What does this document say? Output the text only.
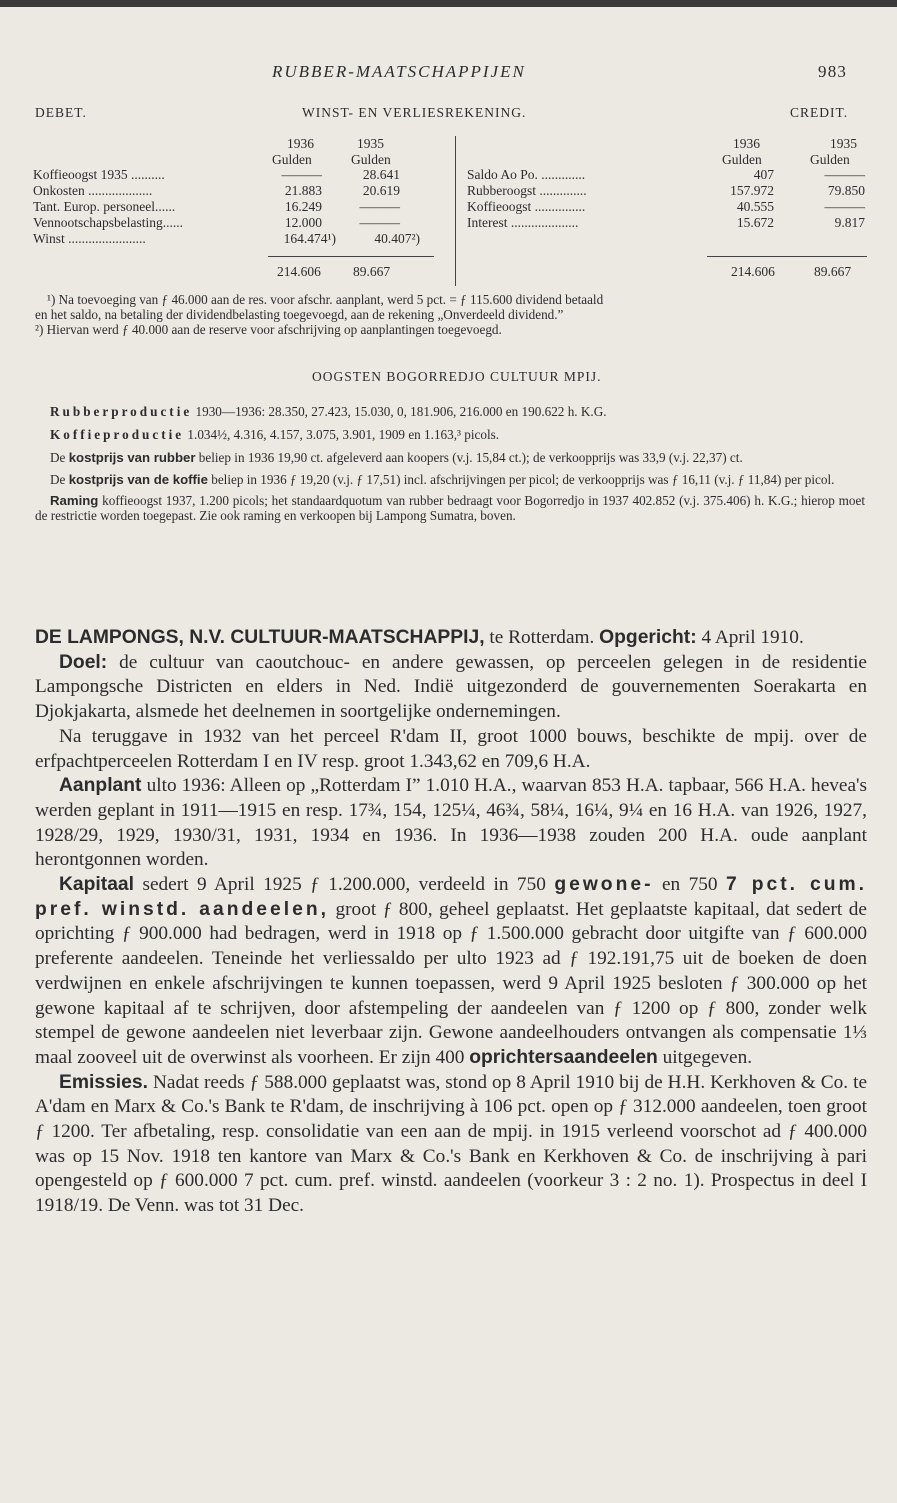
RUBBER-MAATSCHAPPIJEN	983
DEBET.	WINST- EN VERLIESREKENING.	CREDIT.
1936	1935
Gulden	Gulden
1936	1935
Gulden	Gulden
Koffieoogst 1935 ..........	———	28.641
Onkosten ...................	21.883	20.619
Tant. Europ. personeel......	16.249	———
Vennootschapsbelasting......	12.000	———
Winst .......................	164.474¹)	40.407²)
214.606 89.667
Saldo Ao Po. .............	407	———
Rubberoogst ..............	157.972	79.850
Koffieoogst ...............	40.555	———
Interest ....................	15.672	9.817
214.606	89.667

¹) Na toevoeging van ƒ 46.000 aan de res. voor afschr. aanplant, werd 5 pct. = ƒ 115.600 dividend betaald

en het saldo, na betaling der dividendbelasting toegevoegd, aan de rekening „Onverdeeld dividend.”

²) Hiervan werd ƒ 40.000 aan de reserve voor afschrijving op aanplantingen toegevoegd.

OOGSTEN BOGORREDJO CULTUUR MPIJ.

Rubberproductie 1930—1936: 28.350, 27.423, 15.030, 0, 181.906, 216.000 en 190.622 h. K.G.

Koffieproductie 1.034½, 4.316, 4.157, 3.075, 3.901, 1909 en 1.163,³ picols.

De kostprijs van rubber beliep in 1936 19,90 ct. afgeleverd aan koopers (v.j. 15,84 ct.); de verkoopprijs was 33,9 (v.j. 22,37) ct.

De kostprijs van de koffie beliep in 1936 ƒ 19,20 (v.j. ƒ 17,51) incl. afschrijvingen per picol; de verkoopprijs was ƒ 16,11 (v.j. ƒ 11,84) per picol.

Raming koffieoogst 1937, 1.200 picols; het standaardquotum van rubber bedraagt voor Bogorredjo in 1937 402.852 (v.j. 375.406) h. K.G.; hierop moet de restrictie worden toegepast. Zie ook raming en verkoopen bij Lampong Sumatra, boven.

DE LAMPONGS, N.V. CULTUUR-MAATSCHAPPIJ, te Rotterdam. Opgericht: 4 April 1910.

Doel: de cultuur van caoutchouc- en andere gewassen, op perceelen gelegen in de residentie Lampongsche Districten en elders in Ned. Indië uitgezonderd de gouvernementen Soerakarta en Djokjakarta, alsmede het deelnemen in soortgelijke ondernemingen.

Na teruggave in 1932 van het perceel R'dam II, groot 1000 bouws, beschikte de mpij. over de erfpachtperceelen Rotterdam I en IV resp. groot 1.343,62 en 709,6 H.A.

Aanplant ulto 1936: Alleen op „Rotterdam I” 1.010 H.A., waarvan 853 H.A. tapbaar, 566 H.A. hevea's werden geplant in 1911—1915 en resp. 17¾, 154, 125¼, 46¾, 58¼, 16¼, 9¼ en 16 H.A. van 1926, 1927, 1928/29, 1929, 1930/31, 1931, 1934 en 1936. In 1936—1938 zouden 200 H.A. oude aanplant herontgonnen worden.

Kapitaal sedert 9 April 1925 ƒ 1.200.000, verdeeld in 750 gewone- en 750 7 pct. cum. pref. winstd. aandeelen, groot ƒ 800, geheel geplaatst. Het geplaatste kapitaal, dat sedert de oprichting ƒ 900.000 had bedragen, werd in 1918 op ƒ 1.500.000 gebracht door uitgifte van ƒ 600.000 preferente aandeelen. Teneinde het verliessaldo per ulto 1923 ad ƒ 192.191,75 uit de boeken de doen verdwijnen en enkele afschrijvingen te kunnen toepassen, werd 9 April 1925 besloten ƒ 300.000 op het gewone kapitaal af te schrijven, door afstempeling der aandeelen van ƒ 1200 op ƒ 800, zonder welk stempel de gewone aandeelen niet leverbaar zijn. Gewone aandeelhouders ontvangen als compensatie 1⅓ maal zooveel uit de overwinst als voorheen. Er zijn 400 oprichtersaandeelen uitgegeven.

Emissies. Nadat reeds ƒ 588.000 geplaatst was, stond op 8 April 1910 bij de H.H. Kerkhoven & Co. te A'dam en Marx & Co.'s Bank te R'dam, de inschrijving à 106 pct. open op ƒ 312.000 aandeelen, toen groot ƒ 1200. Ter afbetaling, resp. consolidatie van een aan de mpij. in 1915 verleend voorschot ad ƒ 400.000 was op 15 Nov. 1918 ten kantore van Marx & Co.'s Bank en Kerkhoven & Co. de inschrijving à pari opengesteld op ƒ 600.000 7 pct. cum. pref. winstd. aandeelen (voorkeur 3 : 2 no. 1). Prospectus in deel I 1918/19. De Venn. was tot 31 Dec.
